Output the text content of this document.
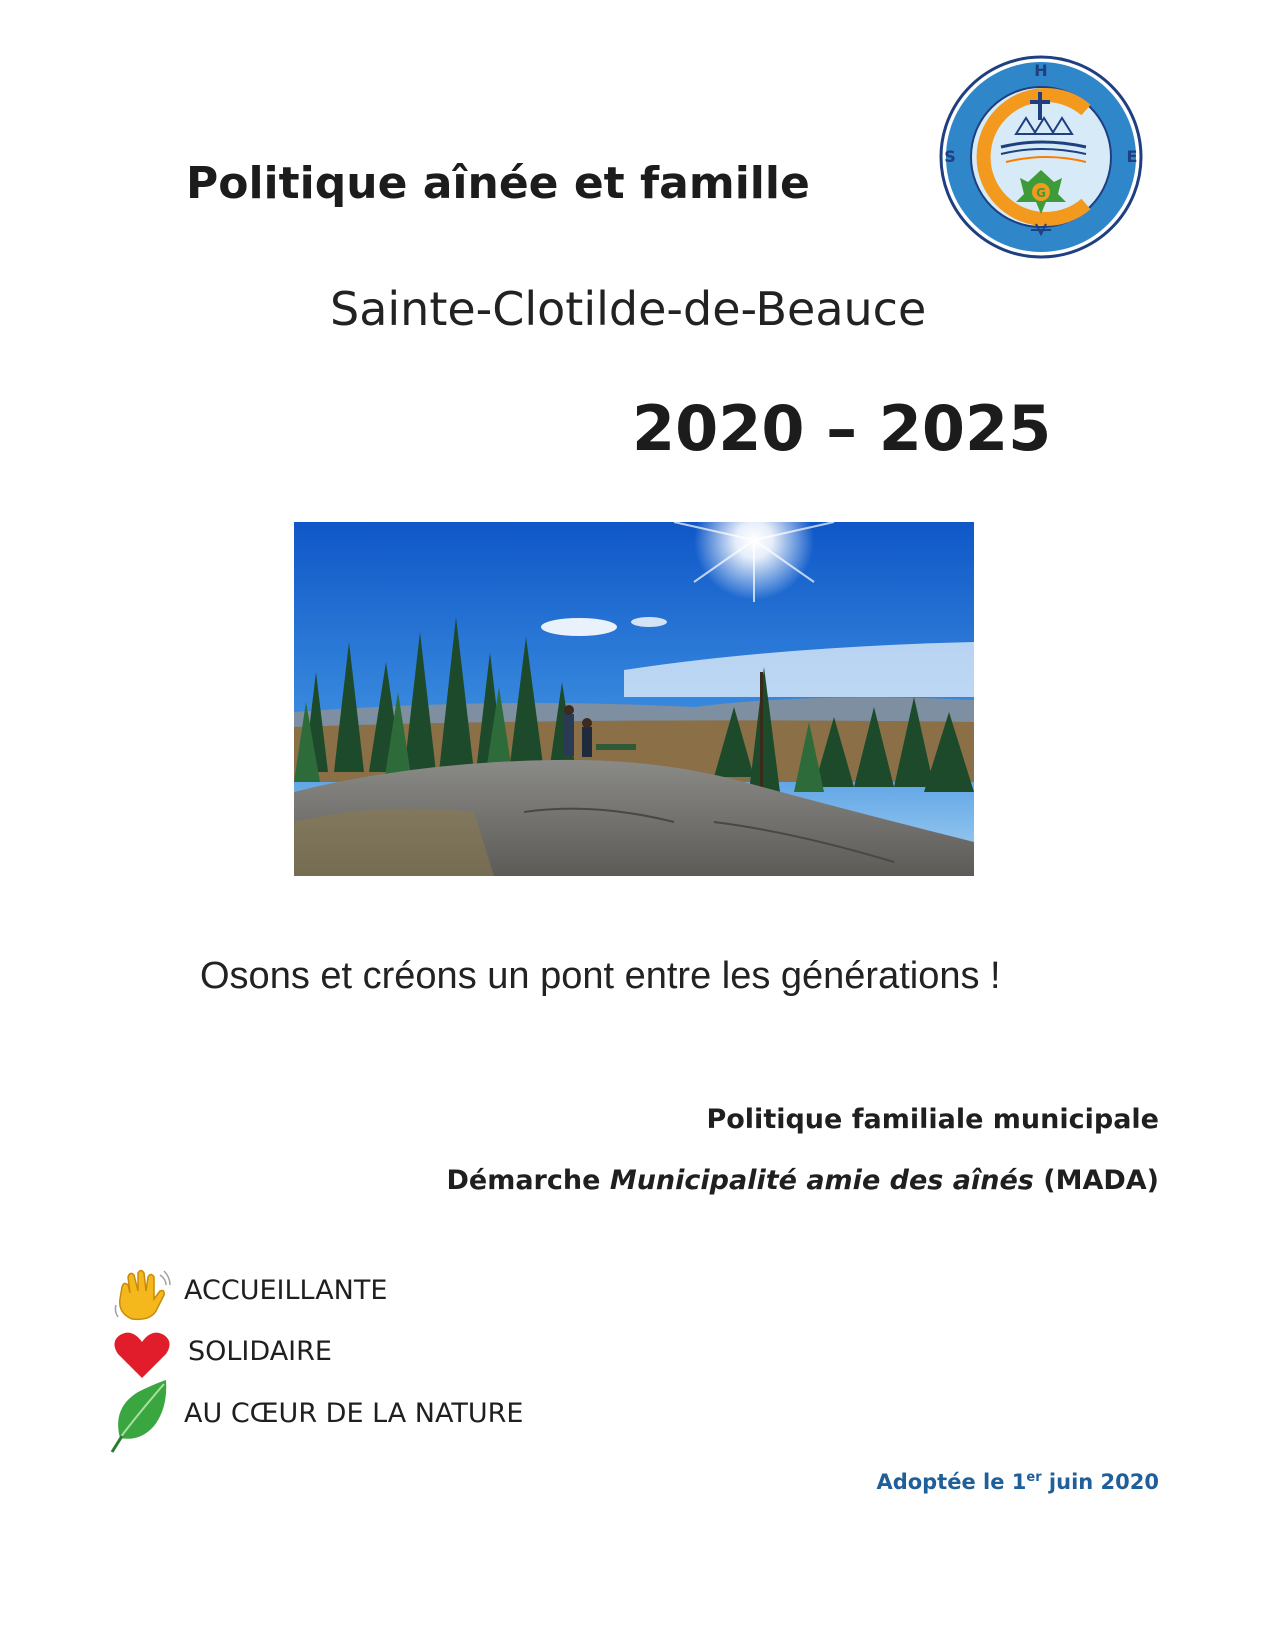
Politique aînée et famille
H
S	E
C
G
Sainte-Clotilde-de-Beauce
2020 – 2025
Osons et créons un pont entre les générations !
Politique familiale municipale
Démarche Municipalité amie des aînés (MADA)
ACCUEILLANTE
SOLIDAIRE
AU CŒUR DE LA NATURE
Adoptée le 1er juin 2020
